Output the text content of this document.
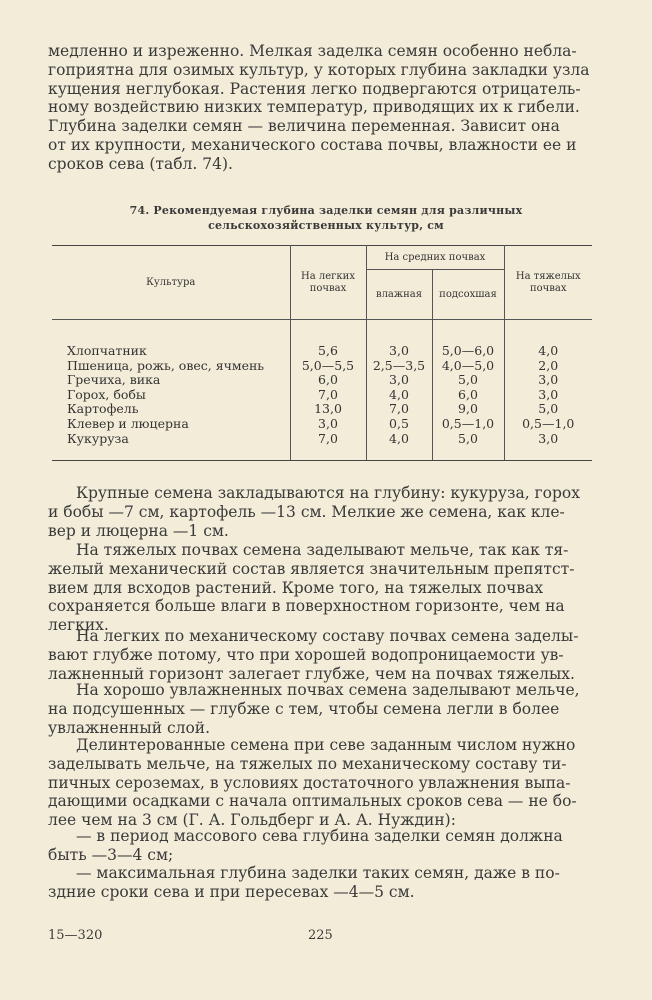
медленно и изреженно. Мелкая заделка семян особенно небла-
гоприятна для озимых культур, у которых глубина закладки узла
кущения неглубокая. Растения легко подвергаются отрицатель-
ному воздействию низких температур, приводящих их к гибели.
Глубина заделки семян — величина переменная. Зависит она
от их крупности, механического состава почвы, влажности ее и
сроков сева (табл. 74).

74. Рекомендуемая глубина заделки семян для различных
сельскохозяйственных культур, см
Культура	На легких почвах	На средних почвах		На тяжелых почвах
		влажная	подсохшая	
Хлопчатник	5,6	3,0	5,0—6,0	4,0
Пшеница, рожь, овес, ячмень	5,0—5,5	2,5—3,5	4,0—5,0	2,0
Гречиха, вика	6,0	3,0	5,0	3,0
Горох, бобы	7,0	4,0	6,0	3,0
Картофель	13,0	7,0	9,0	5,0
Клевер и люцерна	3,0	0,5	0,5—1,0	0,5—1,0
Кукуруза	7,0	4,0	5,0	3,0

Крупные семена закладываются на глубину: кукуруза, горох
и бобы —7 см, картофель —13 см. Мелкие же семена, как кле-
вер и люцерна —1 см.

На тяжелых почвах семена заделывают мельче, так как тя-
желый механический состав является значительным препятст-
вием для всходов растений. Кроме того, на тяжелых почвах
сохраняется больше влаги в поверхностном горизонте, чем на
легких.

На легких по механическому составу почвах семена заделы-
вают глубже потому, что при хорошей водопроницаемости ув-
лажненный горизонт залегает глубже, чем на почвах тяжелых.

На хорошо увлажненных почвах семена заделывают мельче,
на подсушенных — глубже с тем, чтобы семена легли в более
увлажненный слой.

Делинтерованные семена при севе заданным числом нужно
заделывать мельче, на тяжелых по механическому составу ти-
пичных сероземах, в условиях достаточного увлажнения выпа-
дающими осадками с начала оптимальных сроков сева — не бо-
лее чем на 3 см (Г. А. Гольдберг и А. А. Нуждин):

— в период массового сева глубина заделки семян должна
быть —3—4 см;

— максимальная глубина заделки таких семян, даже в по-
здние сроки сева и при пересевах —4—5 см.

15—320	225
